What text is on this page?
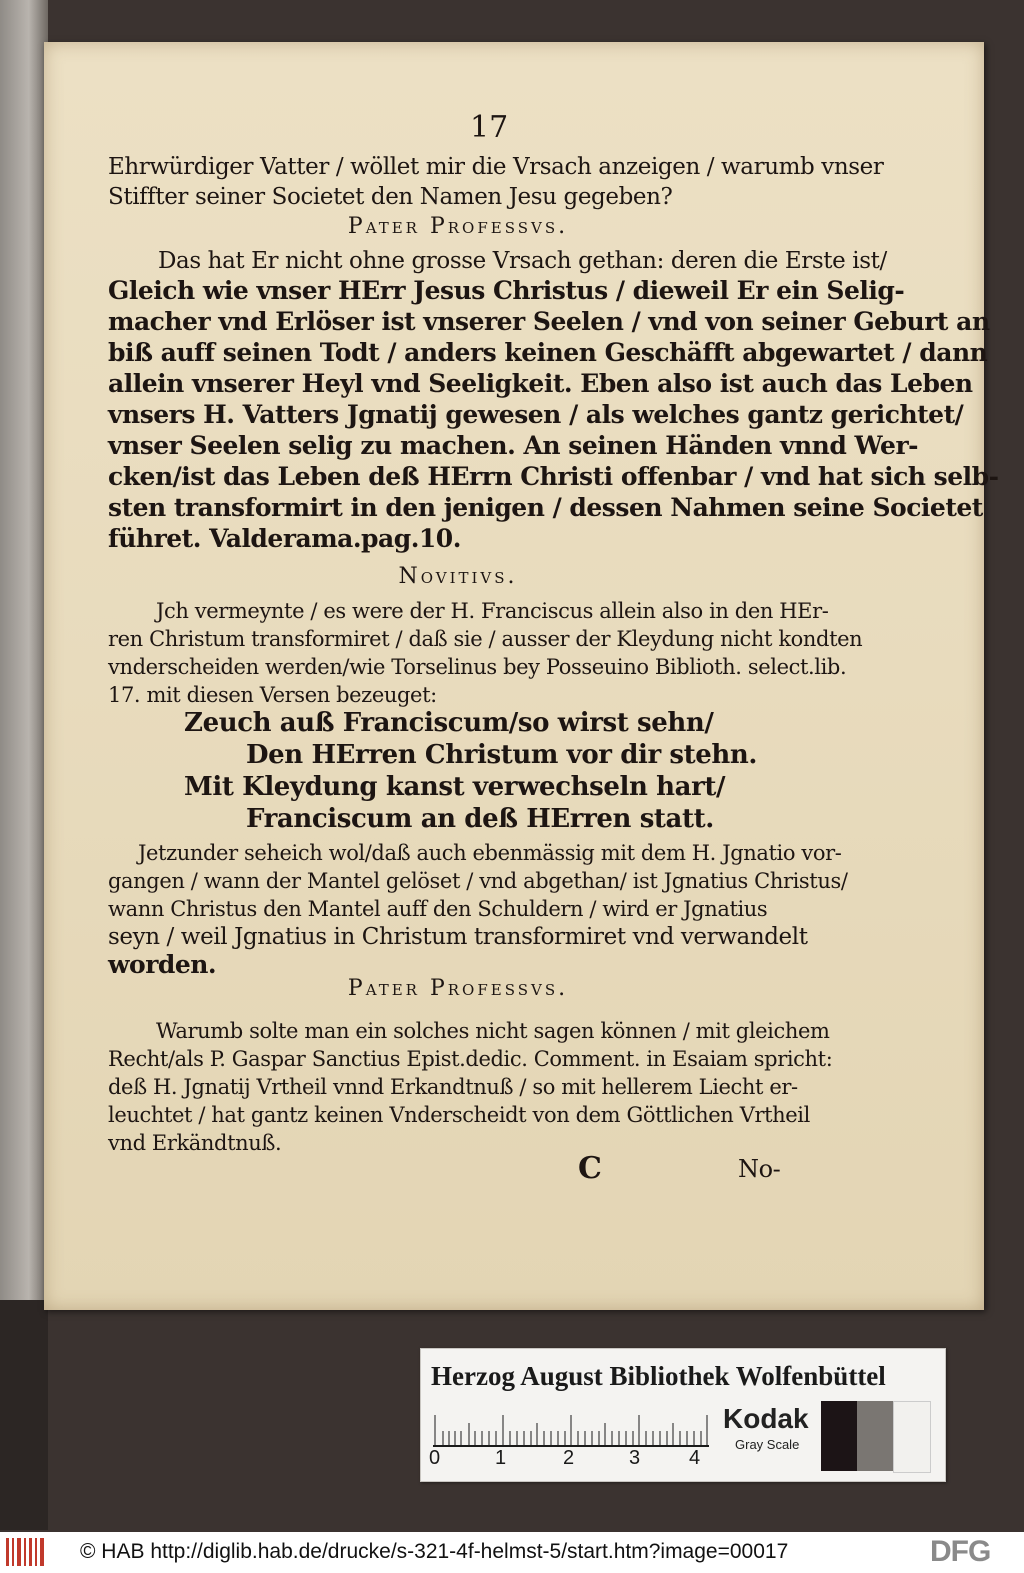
17
Ehrwürdiger Vatter / wöllet mir die Vrsach anzeigen / warumb vnser
Stiffter seiner Societet den Namen Jesu gegeben?
Pater Professvs.
Das hat Er nicht ohne grosse Vrsach gethan: deren die Erste ist/
Gleich wie vnser HErr Jesus Christus / dieweil Er ein Selig-
macher vnd Erlöser ist vnserer Seelen / vnd von seiner Geburt an
biß auff seinen Todt / anders keinen Geschäfft abgewartet / dann
allein vnserer Heyl vnd Seeligkeit. Eben also ist auch das Leben
vnsers H. Vatters Jgnatij gewesen / als welches gantz gerichtet/
vnser Seelen selig zu machen. An seinen Händen vnnd Wer-
cken/ist das Leben deß HErrn Christi offenbar / vnd hat sich selb-
sten transformirt in den jenigen / dessen Nahmen seine Societet
führet. Valderama.pag.10.
Novitivs.
Jch vermeynte / es were der H. Franciscus allein also in den HEr-
ren Christum transformiret / daß sie / ausser der Kleydung nicht kondten
vnderscheiden werden/wie Torselinus bey Posseuino Biblioth. select.lib.
17. mit diesen Versen bezeuget:
Zeuch auß Franciscum/so wirst sehn/
Den HErren Christum vor dir stehn.
Mit Kleydung kanst verwechseln hart/
Franciscum an deß HErren statt.
Jetzunder seheich wol/daß auch ebenmässig mit dem H. Jgnatio vor-
gangen / wann der Mantel gelöset / vnd abgethan/ ist Jgnatius Christus/
wann Christus den Mantel auff den Schuldern / wird er Jgnatius
seyn / weil Jgnatius in Christum transformiret vnd verwandelt
worden.
Pater Professvs.
Warumb solte man ein solches nicht sagen können / mit gleichem
Recht/als P. Gaspar Sanctius Epist.dedic. Comment. in Esaiam spricht:
deß H. Jgnatij Vrtheil vnnd Erkandtnuß / so mit hellerem Liecht er-
leuchtet / hat gantz keinen Vnderscheidt von dem Göttlichen Vrtheil
vnd Erkändtnuß.
C	No-
Herzog August Bibliothek Wolfenbüttel
0	1	2	3 4
Kodak
Gray Scale
© HAB http://diglib.hab.de/drucke/s-321-4f-helmst-5/start.htm?image=00017	DFG
